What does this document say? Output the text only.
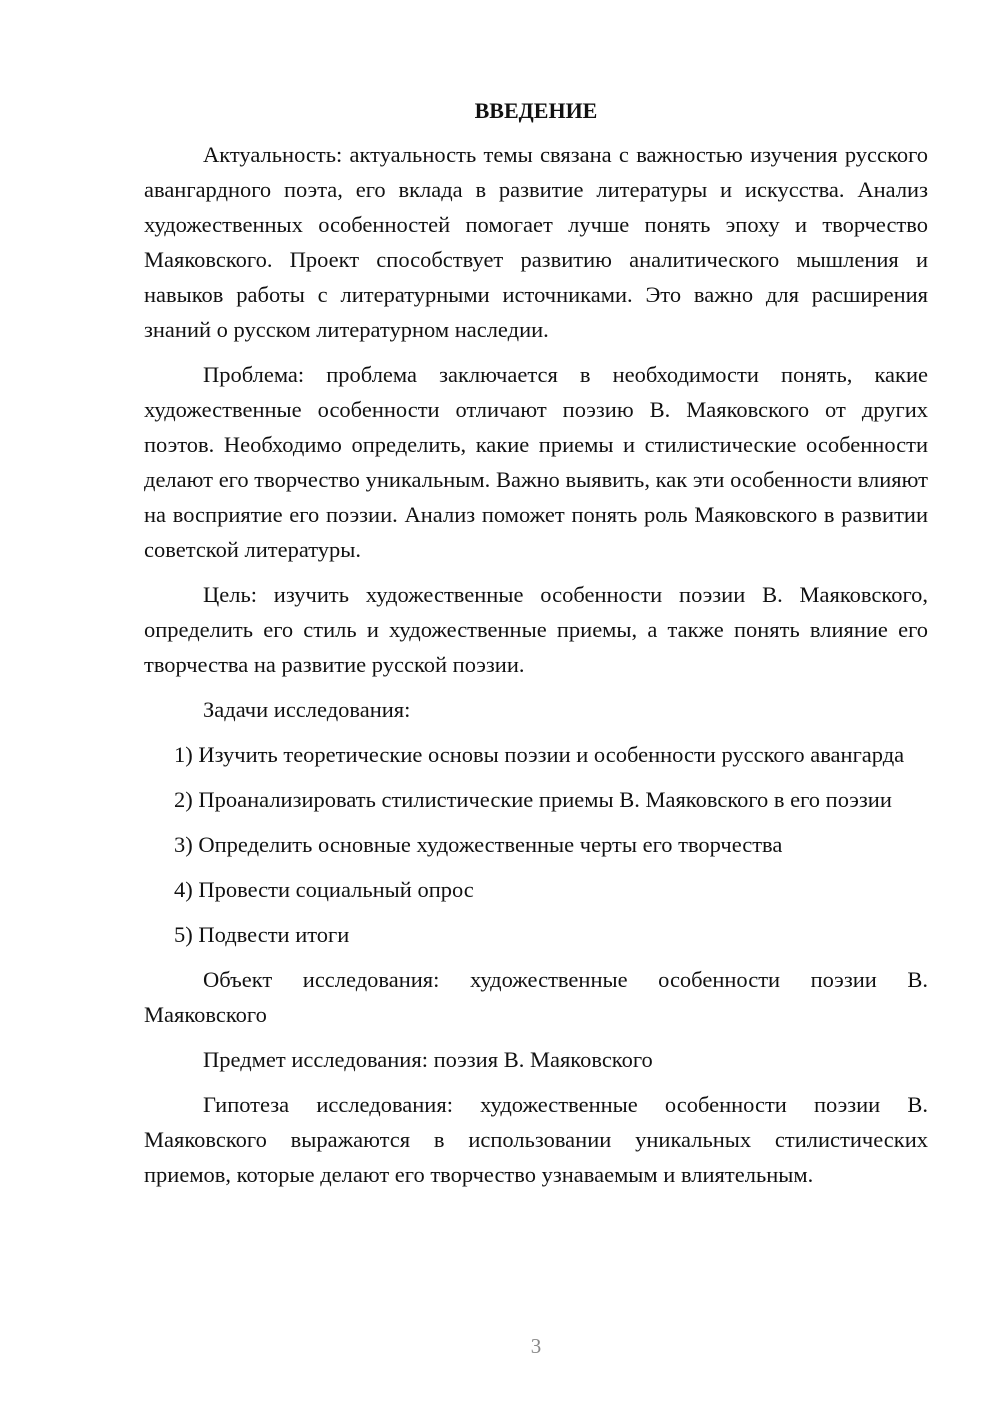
ВВЕДЕНИЕ

Актуальность: актуальность темы связана с важностью изучения русского авангардного поэта, его вклада в развитие литературы и искусства. Анализ художественных особенностей помогает лучше понять эпоху и творчество Маяковского. Проект способствует развитию аналитического мышления и навыков работы с литературными источниками. Это важно для расширения знаний о русском литературном наследии.

Проблема: проблема заключается в необходимости понять, какие художественные особенности отличают поэзию В. Маяковского от других поэтов. Необходимо определить, какие приемы и стилистические особенности делают его творчество уникальным. Важно выявить, как эти особенности влияют на восприятие его поэзии. Анализ поможет понять роль Маяковского в развитии советской литературы.

Цель: изучить художественные особенности поэзии В. Маяковского, определить его стиль и художественные приемы, а также понять влияние его творчества на развитие русской поэзии.

Задачи исследования:

1) Изучить теоретические основы поэзии и особенности русского авангарда

2) Проанализировать стилистические приемы В. Маяковского в его поэзии

3) Определить основные художественные черты его творчества

4) Провести социальный опрос

5) Подвести итоги

Объект исследования: художественные особенности поэзии В. Маяковского

Предмет исследования: поэзия В. Маяковского

Гипотеза исследования: художественные особенности поэзии В. Маяковского выражаются в использовании уникальных стилистических приемов, которые делают его творчество узнаваемым и влиятельным.

3
